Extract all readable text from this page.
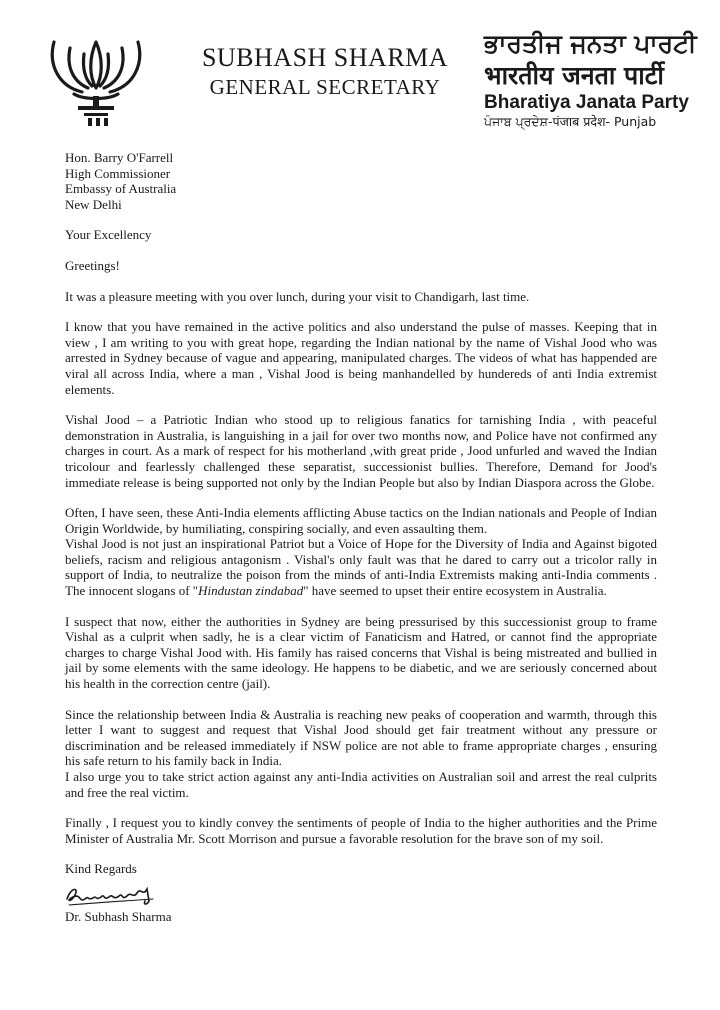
SUBHASH SHARMA
GENERAL SECRETARY
ਭਾਰਤੀਜ ਜਨਤਾ ਪਾਰਟੀ
भारतीय जनता पार्टी
Bharatiya Janata Party
ਪੰਜਾਬ ਪ੍ਰਦੇਸ਼-पंजाब प्रदेश- Punjab
Hon. Barry O'Farrell
High Commissioner
Embassy of Australia
New Delhi

Your Excellency

Greetings!

It was a pleasure meeting with you over lunch, during your visit to Chandigarh, last time.

I know that you have remained in the active politics and also understand the pulse of masses. Keeping that in view , I am writing to you with great hope, regarding the Indian national by the name of Vishal Jood who was arrested in Sydney because of vague and appearing, manipulated charges. The videos of what has happended are viral all across India, where a man , Vishal Jood is being manhandelled by hundereds of anti India extremist elements.

Vishal Jood – a Patriotic Indian who stood up to religious fanatics for tarnishing India , with peaceful demonstration in Australia, is languishing in a jail for over two months now, and Police have not confirmed any charges in court. As a mark of respect for his motherland ,with great pride , Jood unfurled and waved the Indian tricolour and fearlessly challenged these separatist, successionist bullies. Therefore, Demand for Jood's immediate release is being supported not only by the Indian People but also by Indian Diaspora across the Globe.

Often, I have seen, these Anti-India elements afflicting Abuse tactics on the Indian nationals and People of Indian Origin Worldwide, by humiliating, conspiring socially, and even assaulting them.

Vishal Jood is not just an inspirational Patriot but a Voice of Hope for the Diversity of India and Against bigoted beliefs, racism and religious antagonism . Vishal's only fault was that he dared to carry out a tricolor rally in support of India, to neutralize the poison from the minds of anti-India Extremists making anti-India comments . The innocent slogans of "Hindustan zindabad" have seemed to upset their entire ecosystem in Australia.

I suspect that now, either the authorities in Sydney are being pressurised by this successionist group to frame Vishal as a culprit when sadly, he is a clear victim of Fanaticism and Hatred, or cannot find the appropriate charges to charge Vishal Jood with. His family has raised concerns that Vishal is being mistreated and bullied in jail by some elements with the same ideology. He happens to be diabetic, and we are seriously concerned about his health in the correction centre (jail).

Since the relationship between India & Australia is reaching new peaks of cooperation and warmth, through this letter I want to suggest and request that Vishal Jood should get fair treatment without any pressure or discrimination and be released immediately if NSW police are not able to frame appropriate charges , ensuring his safe return to his family back in India.

I also urge you to take strict action against any anti-India activities on Australian soil and arrest the real culprits and free the real victim.

Finally , I request you to kindly convey the sentiments of people of India to the higher authorities and the Prime Minister of Australia Mr. Scott Morrison and pursue a favorable resolution for the brave son of my soil.

Kind Regards
Dr. Subhash Sharma
